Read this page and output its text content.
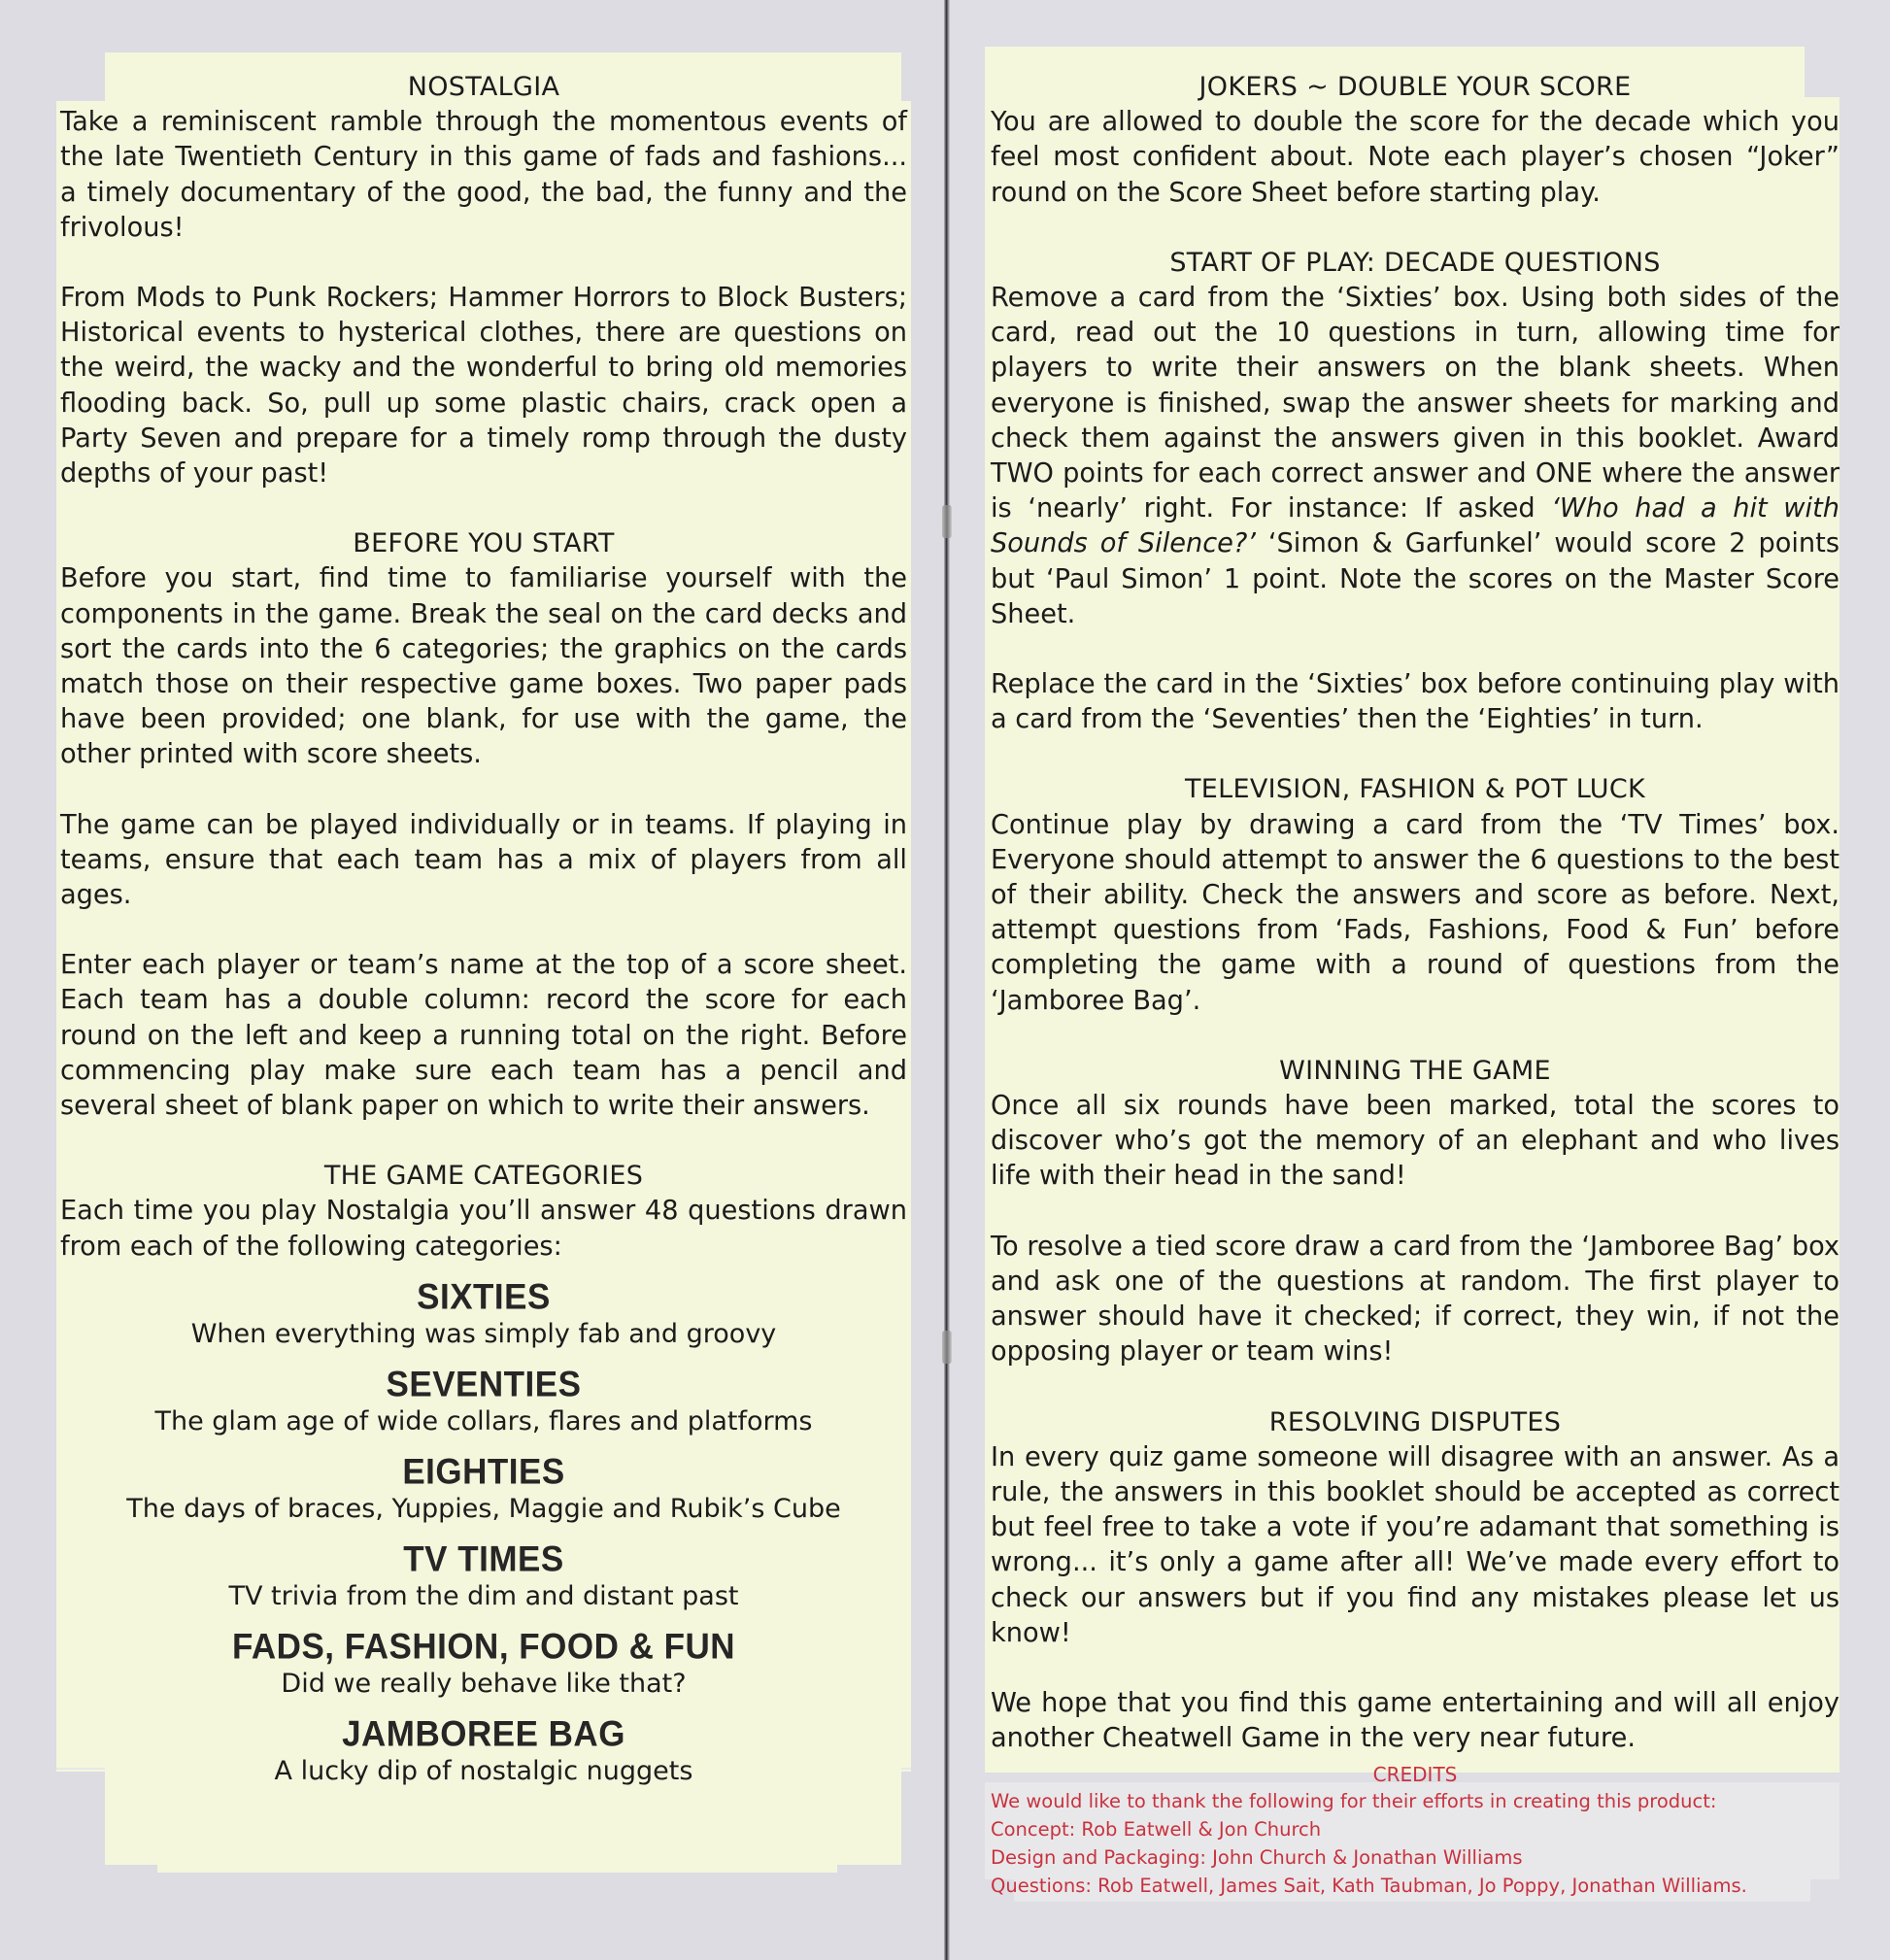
NOSTALGIA

Take a reminiscent ramble through the momentous events of the late Twentieth Century in this game of fads and fashions... a timely documentary of the good, the bad, the funny and the frivolous!

From Mods to Punk Rockers; Hammer Horrors to Block Busters; Historical events to hysterical clothes, there are questions on the weird, the wacky and the wonderful to bring old memories flooding back. So, pull up some plastic chairs, crack open a Party Seven and prepare for a timely romp through the dusty depths of your past!

BEFORE YOU START

Before you start, find time to familiarise yourself with the components in the game. Break the seal on the card decks and sort the cards into the 6 categories; the graphics on the cards match those on their respective game boxes. Two paper pads have been provided; one blank, for use with the game, the other printed with score sheets.

The game can be played individually or in teams. If playing in teams, ensure that each team has a mix of players from all ages.

Enter each player or team’s name at the top of a score sheet. Each team has a double column: record the score for each round on the left and keep a running total on the right. Before commencing play make sure each team has a pencil and several sheet of blank paper on which to write their answers.

THE GAME CATEGORIES

Each time you play Nostalgia you’ll answer 48 questions drawn from each of the following categories:

SIXTIES

When everything was simply fab and groovy

SEVENTIES

The glam age of wide collars, flares and platforms

EIGHTIES

The days of braces, Yuppies, Maggie and Rubik’s Cube

TV TIMES

TV trivia from the dim and distant past

FADS, FASHION, FOOD & FUN

Did we really behave like that?

JAMBOREE BAG

A lucky dip of nostalgic nuggets

JOKERS ~ DOUBLE YOUR SCORE

You are allowed to double the score for the decade which you feel most confident about. Note each player’s chosen “Joker” round on the Score Sheet before starting play.

START OF PLAY: DECADE QUESTIONS

Remove a card from the ‘Sixties’ box. Using both sides of the card, read out the 10 questions in turn, allowing time for players to write their answers on the blank sheets. When everyone is finished, swap the answer sheets for marking and check them against the answers given in this booklet. Award TWO points for each correct answer and ONE where the answer is ‘nearly’ right. For instance: If asked ‘Who had a hit with Sounds of Silence?’ ‘Simon & Garfunkel’ would score 2 points but ‘Paul Simon’ 1 point. Note the scores on the Master Score Sheet.

Replace the card in the ‘Sixties’ box before continuing play with a card from the ‘Seventies’ then the ‘Eighties’ in turn.

TELEVISION, FASHION & POT LUCK

Continue play by drawing a card from the ‘TV Times’ box. Everyone should attempt to answer the 6 questions to the best of their ability. Check the answers and score as before. Next, attempt questions from ‘Fads, Fashions, Food & Fun’ before completing the game with a round of questions from the ‘Jamboree Bag’.

WINNING THE GAME

Once all six rounds have been marked, total the scores to discover who’s got the memory of an elephant and who lives life with their head in the sand!

To resolve a tied score draw a card from the ‘Jamboree Bag’ box and ask one of the questions at random. The first player to answer should have it checked; if correct, they win, if not the opposing player or team wins!

RESOLVING DISPUTES

In every quiz game someone will disagree with an answer. As a rule, the answers in this booklet should be accepted as correct but feel free to take a vote if you’re adamant that something is wrong... it’s only a game after all! We’ve made every effort to check our answers but if you find any mistakes please let us know!

We hope that you find this game entertaining and will all enjoy another Cheatwell Game in the very near future.

CREDITS

We would like to thank the following for their efforts in creating this product:

Concept: Rob Eatwell & Jon Church

Design and Packaging: John Church & Jonathan Williams

Questions: Rob Eatwell, James Sait, Kath Taubman, Jo Poppy, Jonathan Williams.
